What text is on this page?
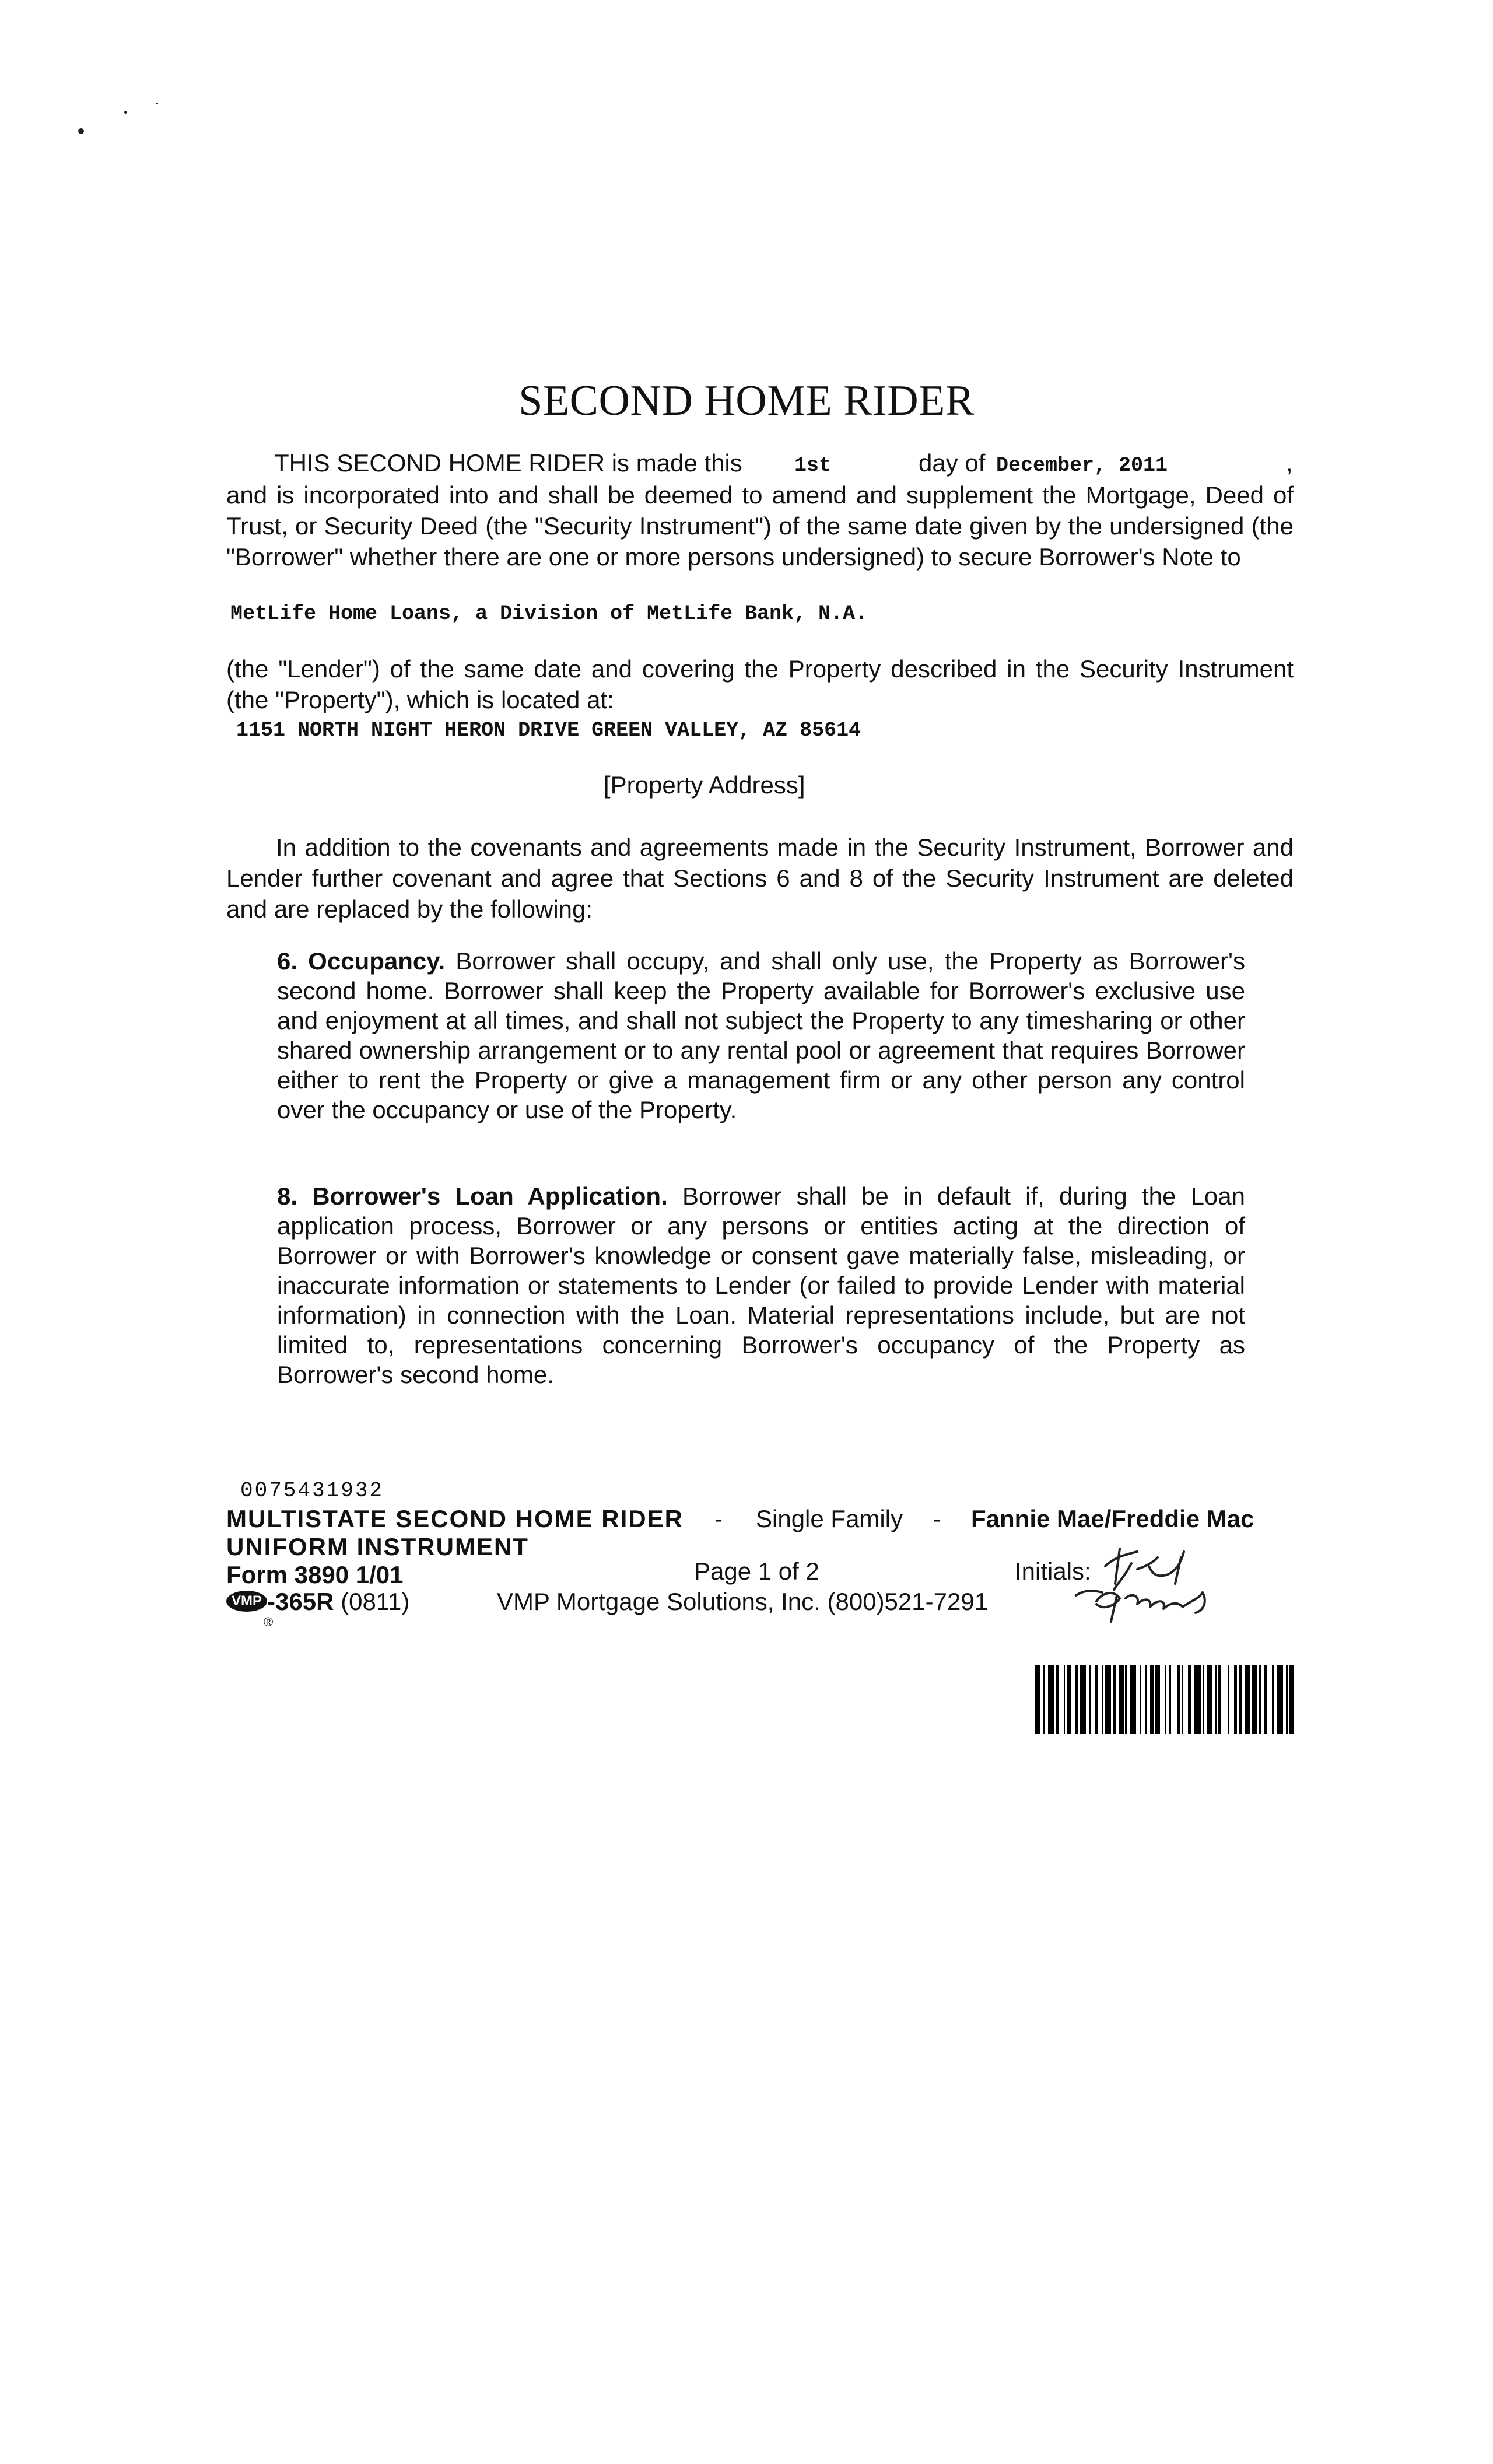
SECOND HOME RIDER
THIS SECOND HOME RIDER is made this	1st	day of December, 2011	,

and is incorporated into and shall be deemed to amend and supplement the Mortgage, Deed of Trust, or Security Deed (the "Security Instrument") of the same date given by the undersigned (the "Borrower" whether there are one or more persons undersigned) to secure Borrower's Note to

MetLife Home Loans, a Division of MetLife Bank, N.A.

(the "Lender") of the same date and covering the Property described in the Security Instrument (the "Property"), which is located at:

1151 NORTH NIGHT HERON DRIVE GREEN VALLEY, AZ 85614
[Property Address]

In addition to the covenants and agreements made in the Security Instrument, Borrower and Lender further covenant and agree that Sections 6 and 8 of the Security Instrument are deleted and are replaced by the following:

6. Occupancy. Borrower shall occupy, and shall only use, the Property as Borrower's second home. Borrower shall keep the Property available for Borrower's exclusive use and enjoyment at all times, and shall not subject the Property to any timesharing or other shared ownership arrangement or to any rental pool or agreement that requires Borrower either to rent the Property or give a management firm or any other person any control over the occupancy or use of the Property.

8. Borrower's Loan Application. Borrower shall be in default if, during the Loan application process, Borrower or any persons or entities acting at the direction of Borrower or with Borrower's knowledge or consent gave materially false, misleading, or inaccurate information or statements to Lender (or failed to provide Lender with material information) in connection with the Loan. Material representations include, but are not limited to, representations concerning Borrower's occupancy of the Property as Borrower's second home.

0075431932
MULTISTATE SECOND HOME RIDER - Single Family - Fannie Mae/Freddie Mac
UNIFORM INSTRUMENT
Form 3890 1/01	Page 1 of 2	Initials:
VMP -365R (0811)
®
VMP Mortgage Solutions, Inc. (800)521-7291
